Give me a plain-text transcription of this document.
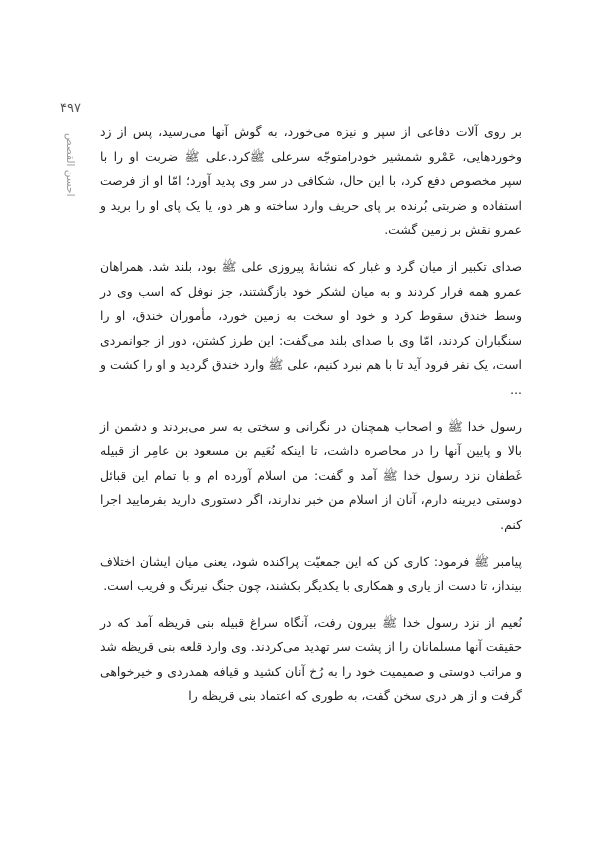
۴۹۷
احسن القصص

بر روی آلات دفاعی از سپر و نیزه می‌خورد، به گوش آنها می‌رسید، پس از زد وخوردهایی، عَمْرو شمشیر خودرامتوجّه سرعلی ﷺکرد.علی ﷺ ضربت او را با سپر مخصوص دفع کرد، با این حال، شکافی در سر وی پدید آورد؛ امّا او از فرصت استفاده و ضربتی بُرنده بر پای حریف وارد ساخته و هر دو، یا یک پای او را برید و عمرو نقش بر زمین گشت.

صدای تکبیر از میان گرد و غبار که نشانهٔ پیروزی علی ﷺ بود، بلند شد. همراهان عمرو همه فرار کردند و به میان لشکر خود بازگشتند، جز نوفل که اسب وی در وسط خندق سقوط کرد و خود او سخت به زمین خورد، مأموران خندق، او را سنگباران کردند، امّا وی با صدای بلند می‌گفت: این طرز کشتن، دور از جوانمردی است، یک نفر فرود آید تا با هم نبرد کنیم، علی ﷺ وارد خندق گردید و او را کشت و ...

رسول خدا ﷺ و اصحاب همچنان در نگرانی و سختی به سر می‌بردند و دشمن از بالا و پایین آنها را در محاصره داشت، تا اینکه نُعَیم بن مسعود بن عامِر از قبیله غَطفان نزد رسول خدا ﷺ آمد و گفت: من اسلام آورده ام و با تمام این قبائل دوستی دیرینه دارم، آنان از اسلام من خبر ندارند، اگر دستوری دارید بفرمایید اجرا کنم.

پیامبر ﷺ فرمود: کاری کن که این جمعیّت پراکنده شود، یعنی میان ایشان اختلاف بینداز، تا دست از یاری و همکاری با یکدیگر بکشند، چون جنگ نیرنگ و فریب است.

نُعیم از نزد رسول خدا ﷺ بیرون رفت، آنگاه سراغ قبیله بنی قریظه آمد که در حقیقت آنها مسلمانان را از پشت سر تهدید می‌کردند. وی وارد قلعه بنی قریظه شد و مراتب دوستی و صمیمیت خود را به رُخ آنان کشید و قیافه همدردی و خیرخواهی گرفت و از هر دری سخن گفت، به طوری که اعتماد بنی قریظه را
